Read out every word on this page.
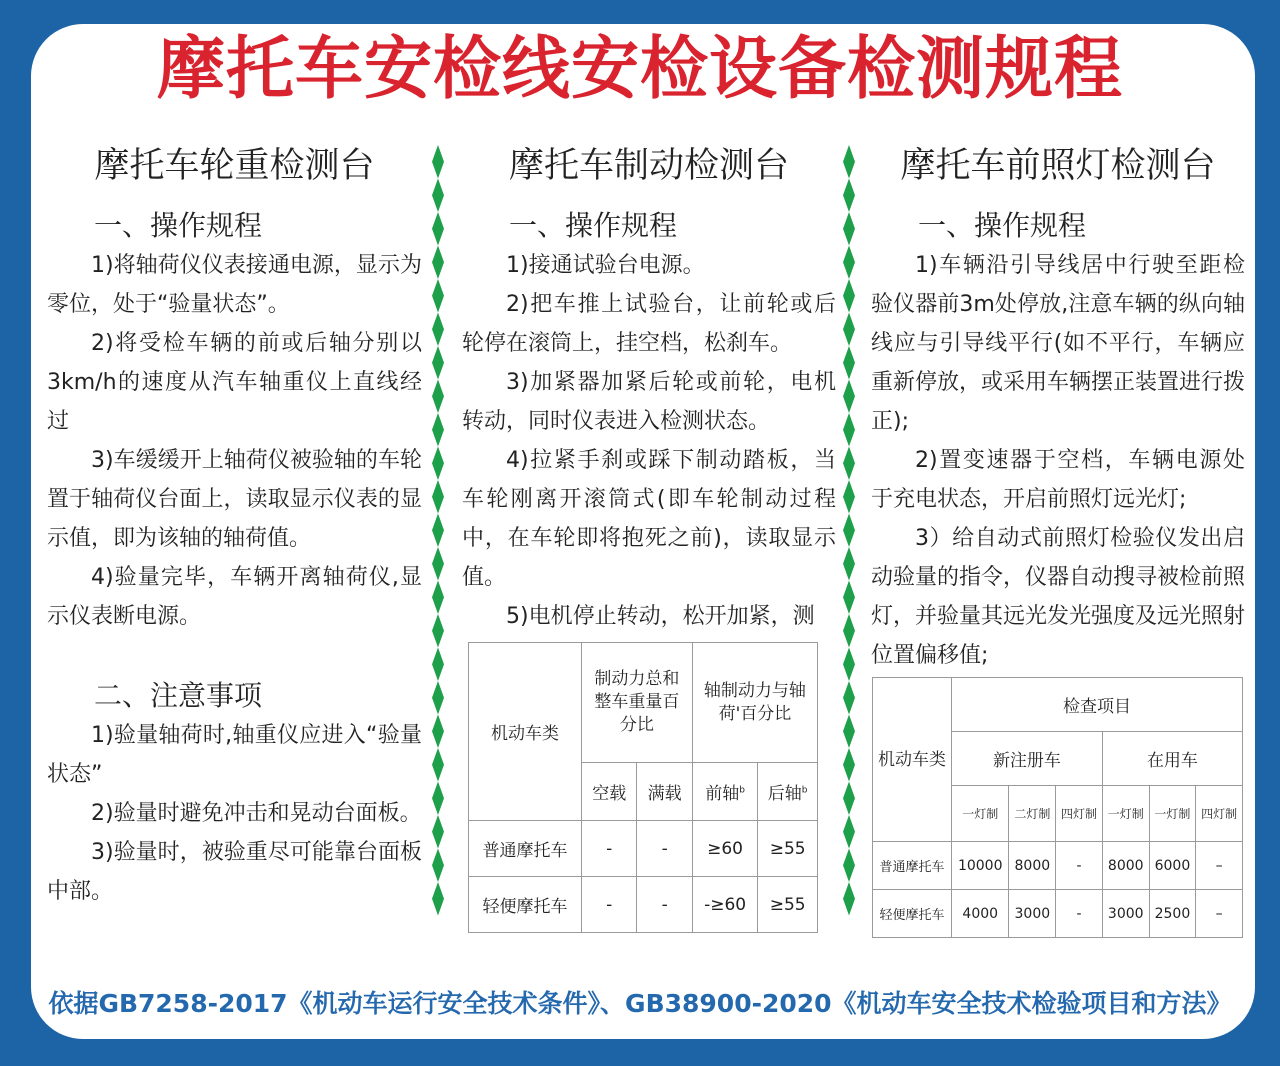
摩托车安检线安检设备检测规程
摩托车轮重检测台
一、操作规程
1)将轴荷仪仪表接通电源，显示为零位，处于“验量状态”。
2)将受检车辆的前或后轴分别以3km/h的速度从汽车轴重仪上直线经过
3)车缓缓开上轴荷仪被验轴的车轮置于轴荷仪台面上，读取显示仪表的显示值，即为该轴的轴荷值。
4)验量完毕，车辆开离轴荷仪,显示仪表断电源。
二、注意事项
1)验量轴荷时,轴重仪应进入“验量状态”
2)验量时避免冲击和晃动台面板。
3)验量时，被验重尽可能靠台面板中部。
摩托车制动检测台
一、操作规程
1)接通试验台电源。
2)把车推上试验台，让前轮或后轮停在滚筒上，挂空档，松刹车。
3)加紧器加紧后轮或前轮，电机转动，同时仪表进入检测状态。
4)拉紧手刹或踩下制动踏板，当车轮刚离开滚筒式(即车轮制动过程中，在车轮即将抱死之前)，读取显示值。
5)电机停止转动，松开加紧，测
机动车类	制动力总和整车重量百分比		轴制动力与轴荷'百分比	
	空载	满载	前轴$^b$	后轴$^b$
普通摩托车	-	-	≥60	≥55
轻便摩托车	-	-	-≥60	≥55
摩托车前照灯检测台
一、操作规程
1)车辆沿引导线居中行驶至距检验仪器前3m处停放,注意车辆的纵向轴线应与引导线平行(如不平行，车辆应重新停放，或采用车辆摆正装置进行拨正);
2)置变速器于空档，车辆电源处于充电状态，开启前照灯远光灯;
3）给自动式前照灯检验仪发出启动验量的指令，仪器自动搜寻被检前照灯，并验量其远光发光强度及远光照射位置偏移值;
机动车类	检查项目					
	新注册车			在用车		
	一灯制	二灯制	四灯制	一灯制	一灯制	四灯制
普通摩托车	10000	8000	-	8000	6000	–
轻便摩托车	4000	3000	-	3000	2500	–
依据GB7258-2017《机动车运行安全技术条件》、GB38900-2020《机动车安全技术检验项目和方法》
